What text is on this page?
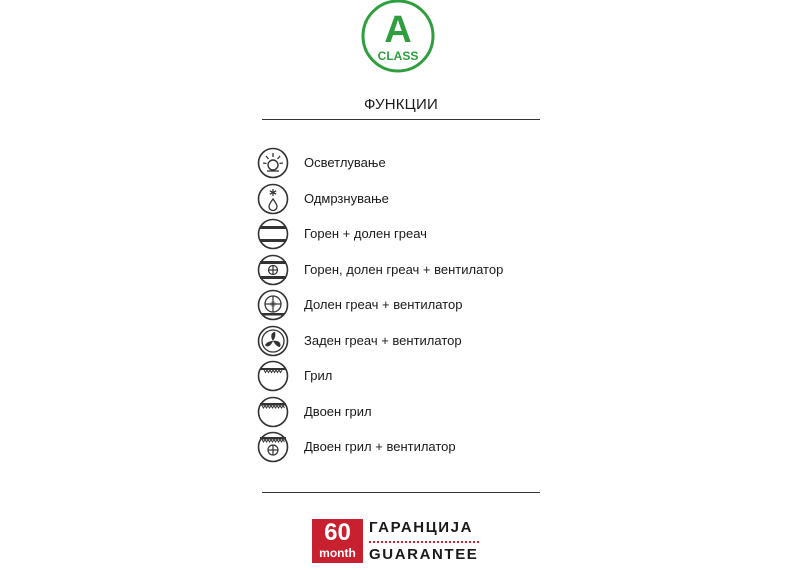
A
CLASS
ФУНКЦИИ
Осветлување
Одмрзнување
Горен + долен греач
Горен, долен греач + вентилатор
Долен греач + вентилатор
Заден греач + вентилатор
Грил
Двоен грил
Двоен грил + вентилатор
60
month
ГАРАНЦИЈА
GUARANTEE
